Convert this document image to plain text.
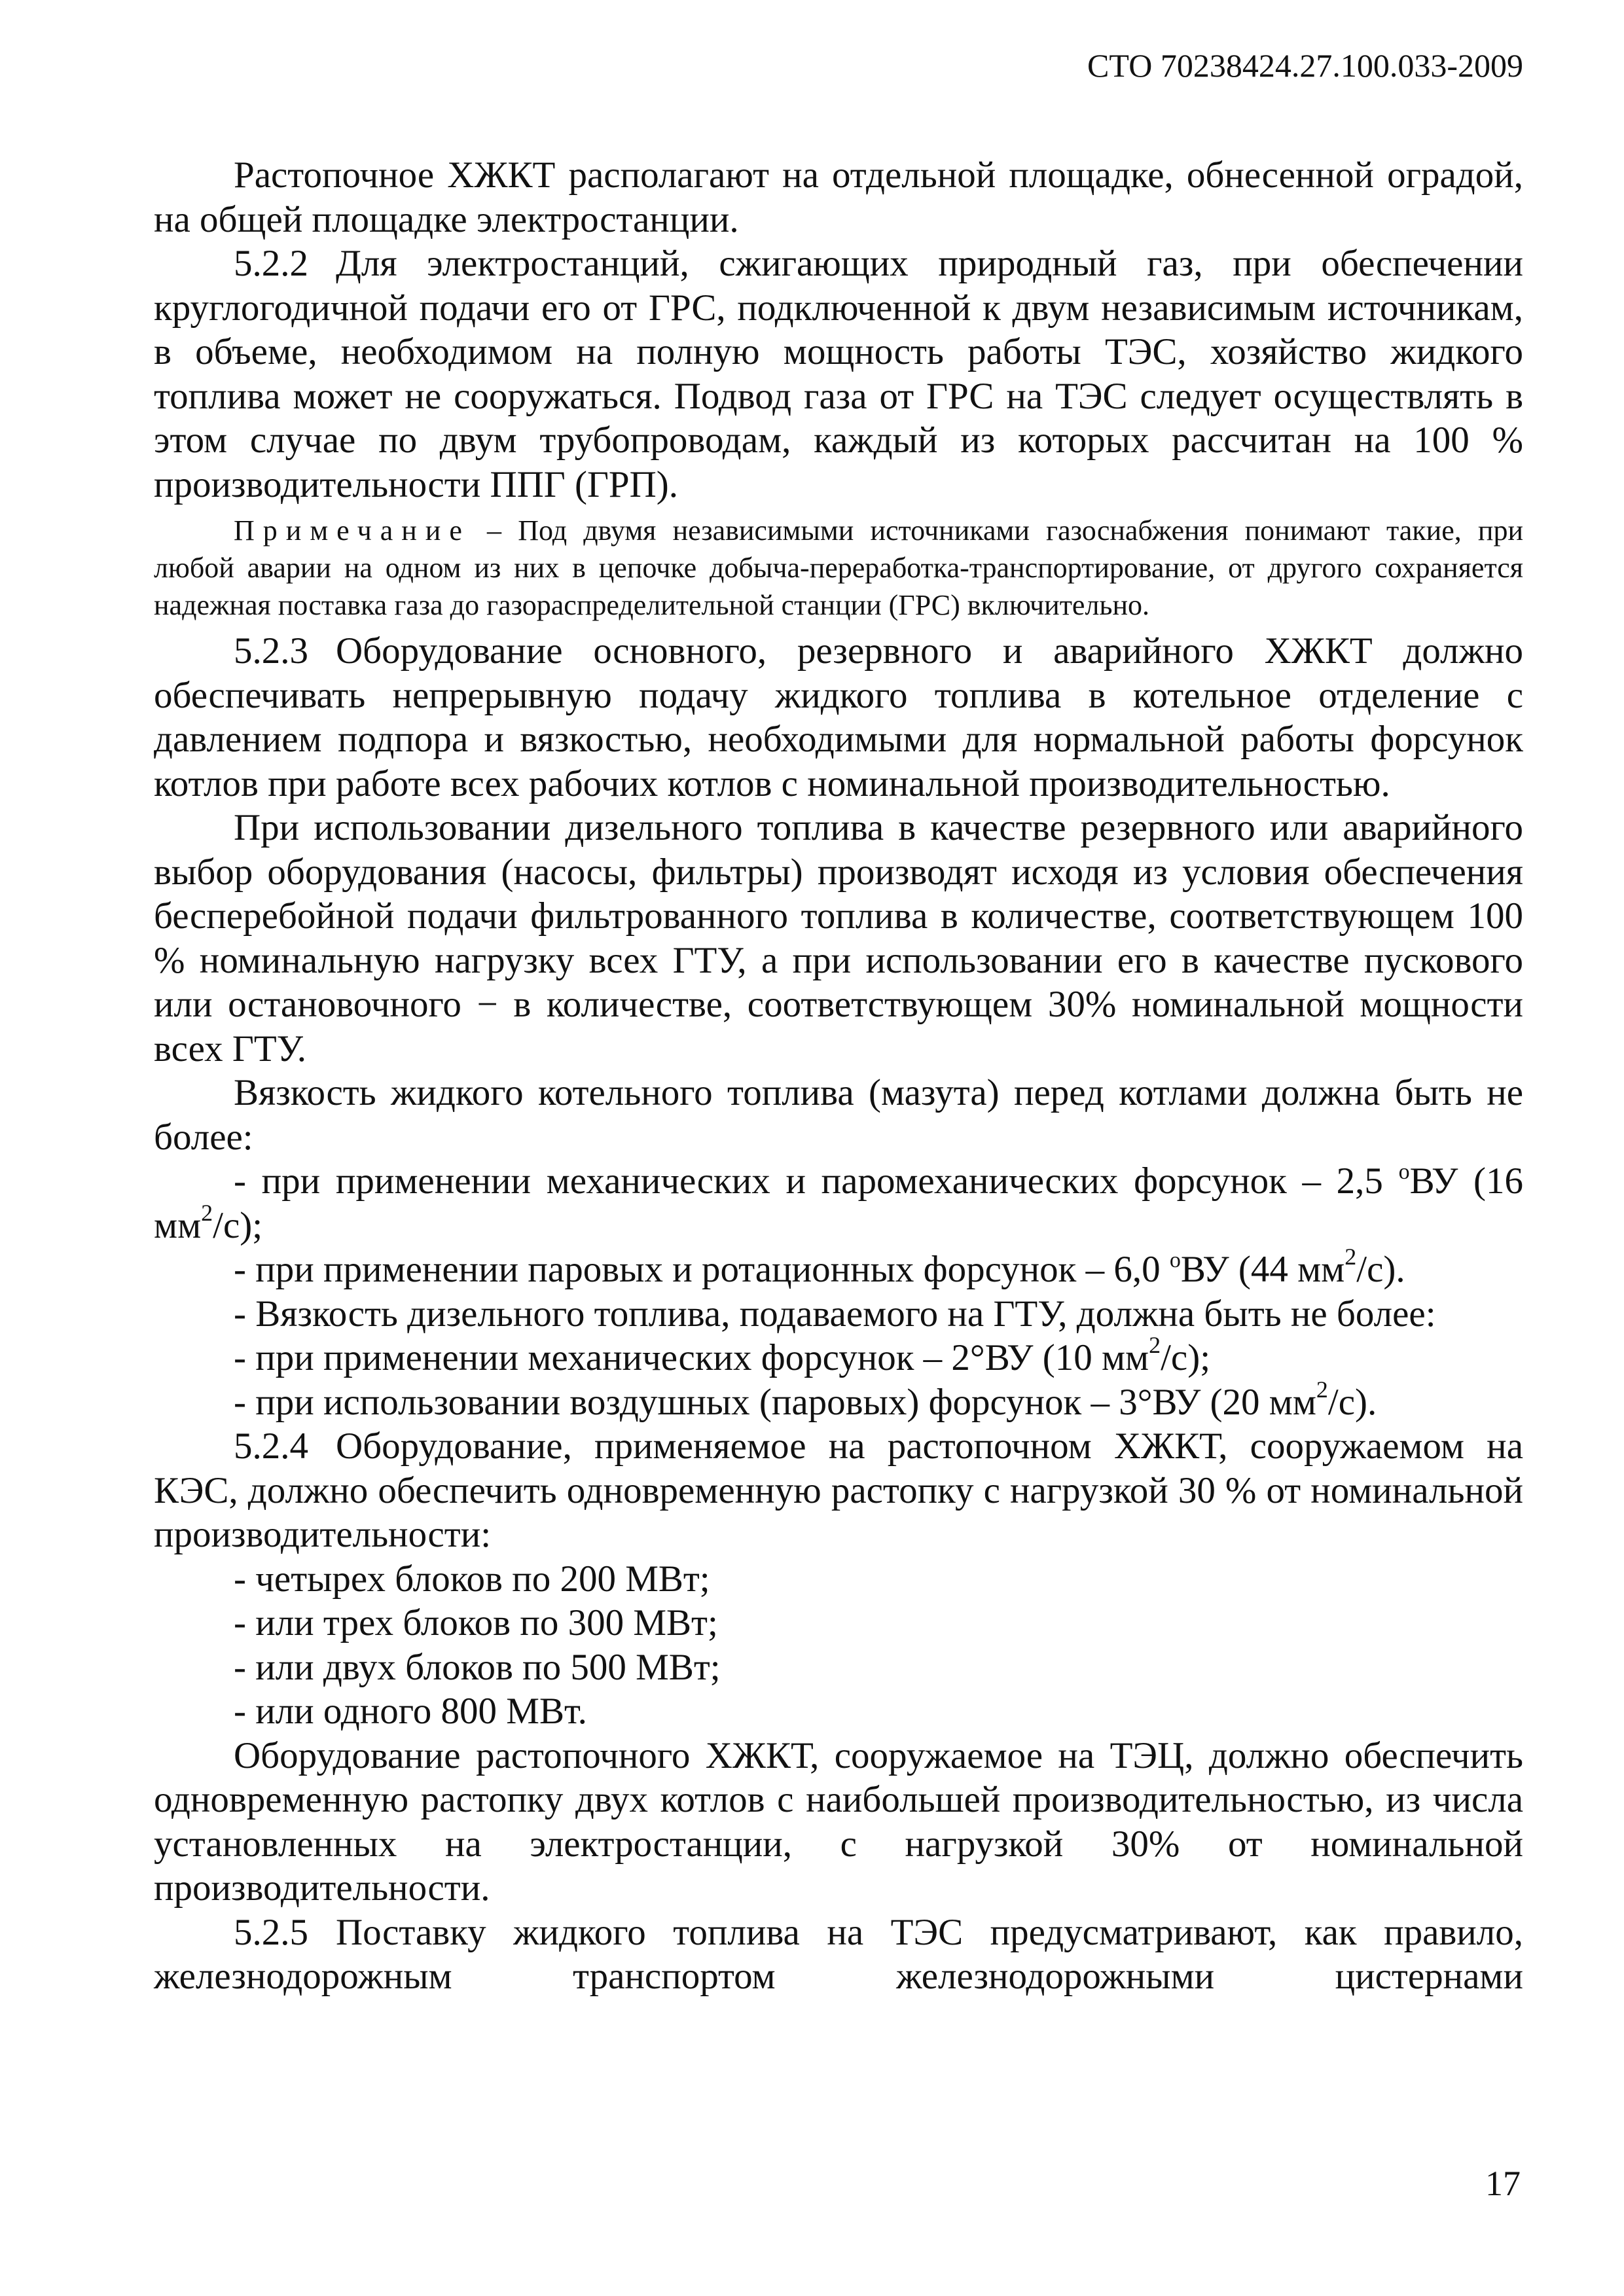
СТО 70238424.27.100.033-2009

Растопочное ХЖКТ располагают на отдельной площадке, обнесенной оградой, на общей площадке электростанции.

5.2.2 Для электростанций, сжигающих природный газ, при обеспечении круглогодичной подачи его от ГРС, подключенной к двум независимым источникам, в объеме, необходимом на полную мощность работы ТЭС, хозяйство жидкого топлива может не сооружаться. Подвод газа от ГРС на ТЭС следует осуществлять в этом случае по двум трубопроводам, каждый из которых рассчитан на 100 % производительности ППГ (ГРП).

Примечание – Под двумя независимыми источниками газоснабжения понимают такие, при любой аварии на одном из них в цепочке добыча-переработка-транспортирование, от другого сохраняется надежная поставка газа до газораспределительной станции (ГРС) включительно.

5.2.3 Оборудование основного, резервного и аварийного ХЖКТ должно обеспечивать непрерывную подачу жидкого топлива в котельное отделение с давлением подпора и вязкостью, необходимыми для нормальной работы форсунок котлов при работе всех рабочих котлов с номинальной производительностью.

При использовании дизельного топлива в качестве резервного или аварийного выбор оборудования (насосы, фильтры) производят исходя из условия обеспечения бесперебойной подачи фильтрованного топлива в количестве, соответствующем 100 % номинальную нагрузку всех ГТУ, а при использовании его в качестве пускового или остановочного − в количестве, соответствующем 30% номинальной мощности всех ГТУ.

Вязкость жидкого котельного топлива (мазута) перед котлами должна быть не более:

- при применении механических и паромеханических форсунок – 2,5 $^о$ВУ (16 $мм^2/с$);

- при применении паровых и ротационных форсунок – 6,0 $^о$ВУ (44 $мм^2/с$).

- Вязкость дизельного топлива, подаваемого на ГТУ, должна быть не более:

- при применении механических форсунок – 2°ВУ (10 $мм^2/с$);

- при использовании воздушных (паровых) форсунок – 3°ВУ (20 $мм^2/с$).

5.2.4 Оборудование, применяемое на растопочном ХЖКТ, сооружаемом на КЭС, должно обеспечить одновременную растопку с нагрузкой 30 % от номинальной производительности:

- четырех блоков по 200 МВт;

- или трех блоков по 300 МВт;

- или двух блоков по 500 МВт;

- или одного 800 МВт.

Оборудование растопочного ХЖКТ, сооружаемое на ТЭЦ, должно обеспечить одновременную растопку двух котлов с наибольшей производительностью, из числа установленных на электростанции, с нагрузкой 30% от номинальной производительности.

5.2.5 Поставку жидкого топлива на ТЭС предусматривают, как правило, железнодорожным транспортом железнодорожными цистернами

17
